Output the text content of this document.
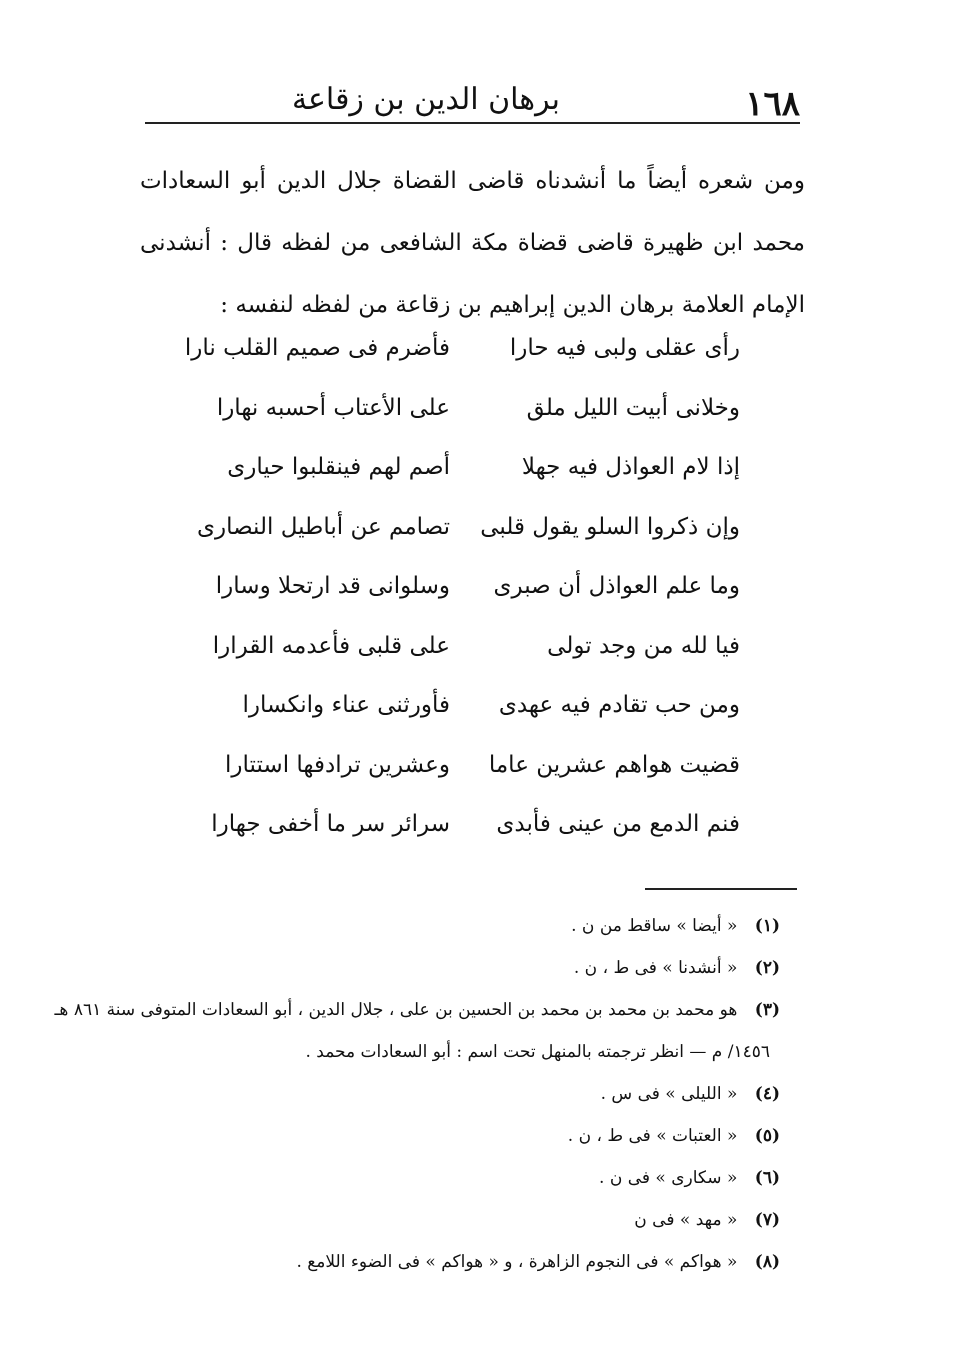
١٦٨
برهان الدين بن زقاعة

ومن شعره أيضاً ما أنشدناه قاضى القضاة جلال الدين أبو السعادات محمد ابن ظهيرة قاضى قضاة مكة الشافعى من لفظه قال : أنشدنى الإمام العلامة برهان الدين إبراهيم بن زقاعة من لفظه لنفسه :

رأى عقلى ولبى فيه حارا
فأضرم فى صميم القلب نارا
وخلانى أبيت الليل ملق
على الأعتاب أحسبه نهارا
إذا لام العواذل فيه جهلا
أصم لهم فينقلبوا حيارى
وإن ذكروا السلو يقول قلبى
تصامم عن أباطيل النصارى
وما علم العواذل أن صبرى
وسلوانى قد ارتحلا وسارا
فيا لله من وجد تولى
على قلبى فأعدمه القرارا
ومن حب تقادم فيه عهدى
فأورثنى عناء وانكسارا
قضيت هواهم عشرين عاما
وعشرين ترادفها استتارا
فنم الدمع من عينى فأبدى
سرائر سر ما أخفى جهارا
(١) « أيضا » ساقط من ن .
(٢) « أنشدنا » فى ط ، ن .
(٣) هو محمد بن محمد بن محمد بن الحسين بن على ، جلال الدين ، أبو السعادات المتوفى سنة ٨٦١ هـ
١٤٥٦/ م — انظر ترجمته بالمنهل تحت اسم : أبو السعادات محمد .
(٤) « الليلى » فى س .
(٥) « العتبات » فى ط ، ن .
(٦) « سكارى » فى ن .
(٧) « مهد » فى ن
(٨) « هواكم » فى النجوم الزاهرة ، و « هواكم » فى الضوء اللامع .
